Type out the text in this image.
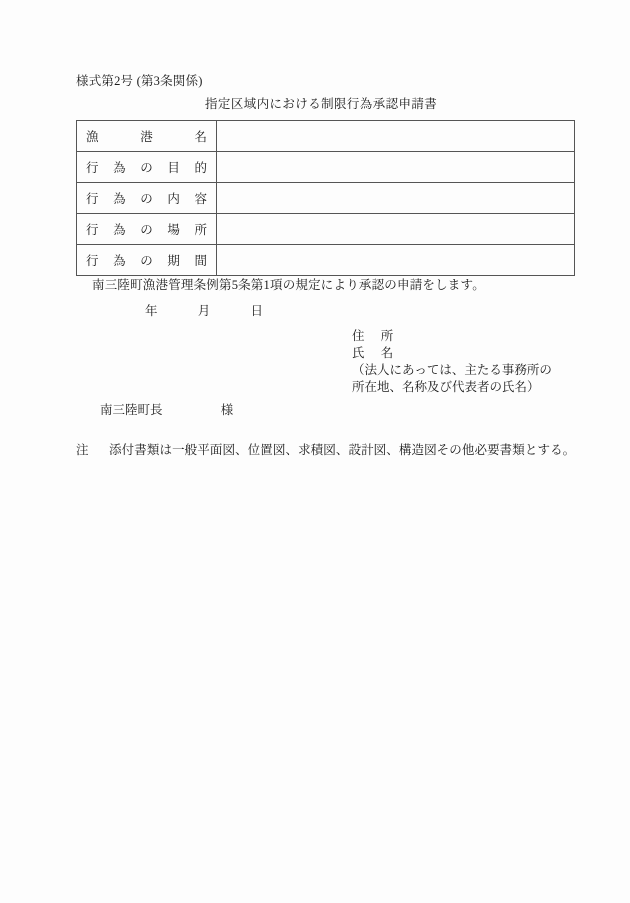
様式第2号 (第3条関係)
指定区域内における制限行為承認申請書
漁 港 名	

行 為 の 目 的	

行 為 の 内 容	

行 為 の 場 所	

行 為 の 期 間	

南三陸町漁港管理条例第5条第1項の規定により承認の申請をします。
年	月	日
住 所
氏 名
（法人にあっては、主たる事務所の
所在地、名称及び代表者の氏名）
南三陸町長	様
注 添付書類は一般平面図、位置図、求積図、設計図、構造図その他必要書類とする。
